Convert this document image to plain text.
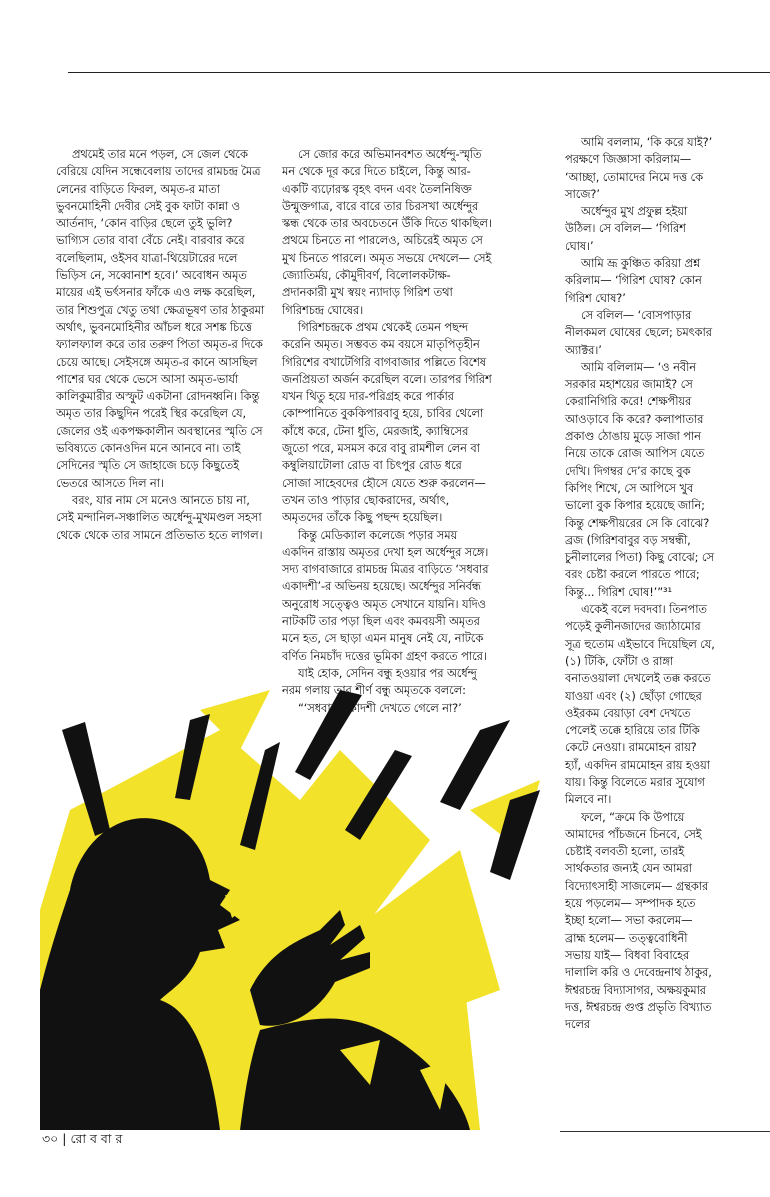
প্রথমেই তার মনে পড়ল, সে জেল থেকে বেরিয়ে যেদিন সন্ধেবেলায় তাদের রামচন্দ্র মৈত্র লেনের বাড়িতে ফিরল, অমৃত-র মাতা ভুবনমোহিনী দেবীর সেই বুক ফাটা কান্না ও আর্তনাদ, ‘কোন বাড়ির ছেলে তুই ভুলি? ভাগ্যিস তোর বাবা বেঁচে নেই। বারবার করে বলেছিলাম, ওইসব যাত্রা-থিয়েটারের দলে ভিড়িস নে, সব্বোনাশ হবে।’ অবোধন অমৃত মায়ের এই ভর্ৎসনার ফাঁকে এও লক্ষ করেছিল, তার শিশুপুত্র খেতু তথা ক্ষেত্রভূষণ তার ঠাকুরমা অর্থাৎ, ভুবনমোহিনীর আঁচল ধরে সশঙ্ক চিত্তে ফ্যালফ্যাল করে তার তরুণ পিতা অমৃত-র দিকে চেয়ে আছে। সেইসঙ্গে অমৃত-র কানে আসছিল পাশের ঘর থেকে ভেসে আসা অমৃত-ভার্যা কালিকুমারীর অস্ফুট একটানা রোদনধ্বনি। কিন্তু অমৃত তার কিছুদিন পরেই স্থির করেছিল যে, জেলের ওই একপক্ষকালীন অবস্থানের স্মৃতি সে ভবিষ্যতে কোনওদিন মনে আনবে না। তাই সেদিনের স্মৃতি সে জাহাজে চড়ে কিছুতেই ভেতরে আসতে দিল না।

বরং, যার নাম সে মনেও আনতে চায় না, সেই মন্দানিল-সঞ্চালিত অর্ধেন্দু-মুখমণ্ডল সহসা থেকে থেকে তার সামনে প্রতিভাত হতে লাগল।

সে জোর করে অভিমানবশত অর্ধেন্দু-স্মৃতি মন থেকে দূর করে দিতে চাইলে, কিন্তু আর-একটি ব্যঢ়োরস্ক বৃহৎ বদন এবং তৈলনিষিক্ত উন্মুক্তগাত্র, বারে বারে তার চিরসখা অর্ধেন্দুর স্কন্ধ থেকে তার অবচেতনে উঁকি দিতে থাকছিল। প্রথমে চিনতে না পারলেও, অচিরেই অমৃত সে মুখ চিনতে পারলে। অমৃত সভয়ে দেখলে— সেই জ্যোতির্ময়, কৌমুদীবর্ণ, বিলোলকটাক্ষ-প্রদানকারী মুখ স্বয়ং ন্যাদাড় গিরিশ তথা গিরিশচন্দ্র ঘোষের।

গিরিশচন্দ্রকে প্রথম থেকেই তেমন পছন্দ করেনি অমৃত। সম্ভবত কম বয়সে মাতৃপিতৃহীন গিরিশের বখাটেগিরি বাগবাজার পল্লিতে বিশেষ জনপ্রিয়তা অর্জন করেছিল বলে। তারপর গিরিশ যখন থিতু হয়ে দার-পরিগ্রহ করে পার্কার কোম্পানিতে বুককিপারবাবু হয়ে, চাবির থেলো কাঁধে করে, টেনা ধুতি, মেরজাই, ক্যাম্বিসের জুতো পরে, মসমস করে বাবু রামশীল লেন বা কম্বুলিয়াটোলা রোড বা চিৎপুর রোড ধরে সোজা সাহেবদের হৌসে যেতে শুরু করলেন— তখন তাও পাড়ার ছোকরাদের, অর্থাৎ, অমৃতদের তাঁকে কিছু পছন্দ হয়েছিল।

কিন্তু মেডিক্যাল কলেজে পড়ার সময় একদিন রাস্তায় অমৃতর দেখা হল অর্ধেন্দুর সঙ্গে। সদ্য বাগবাজারে রামচন্দ্র মিত্রর বাড়িতে ‘সধবার একাদশী’-র অভিনয় হয়েছে। অর্ধেন্দুর সনির্বন্ধ অনুরোধ সত্ত্বেও অমৃত সেখানে যায়নি। যদিও নাটকটি তার পড়া ছিল এবং কমবয়সী অমৃতর মনে হত, সে ছাড়া এমন মানুষ নেই যে, নাটকে বর্ণিত নিমচাঁদ দত্তের ভূমিকা গ্রহণ করতে পারে।

যাই হোক, সেদিন বন্ধু হওয়ার পর অর্ধেন্দু নরম গলায় তার শীর্ণ বন্ধু অমৃতকে বললে:

“‘সধবার একাদশী দেখতে গেলে না?’

আমি বললাম, ‘কি করে যাই?’ পরক্ষণে জিজ্ঞাসা করিলাম— ‘আচ্ছা, তোমাদের নিমে দত্ত কে সাজে?’

অর্ধেন্দুর মুখ প্রফুল্ল হইয়া উঠিল। সে বলিল— ‘গিরিশ ঘোষ।’

আমি ভ্রূ কুঞ্চিত করিয়া প্রশ্ন করিলাম— ‘গিরিশ ঘোষ? কোন গিরিশ ঘোষ?’

সে বলিল— ‘বোসপাড়ার নীলকমল ঘোষের ছেলে; চমৎকার অ্যাক্টর।’

আমি বলিলাম— ‘ও নবীন সরকার মহাশয়ের জামাই? সে কেরানিগিরি করে! শেক্ষপীয়র আওড়াবে কি করে? কলাপাতার প্রকাণ্ড ঠোঙায় মুড়ে সাজা পান নিয়ে তাকে রোজ আপিস যেতে দেখি। দিগম্বর দে’র কাছে বুক কিপিং শিখে, সে আপিসে খুব ভালো বুক কিপার হয়েছে জানি; কিন্তু শেক্ষপীয়রের সে কি বোঝে? ব্রজ (গিরিশবাবুর বড় সম্বন্ধী, চুনীলালের পিতা) কিছু বোঝে; সে বরং চেষ্টা করলে পারতে পারে; কিন্তু... গিরিশ ঘোষ!’”³¹

একেই বলে দবদবা। তিনপাত পড়েই কুলীনজাদের জ্যাঠামোর সূত্র হুতোম এইভাবে দিয়েছিল যে, (১) টিকি, ফোঁটা ও রাঙ্গা বনাতওয়ালা দেখলেই তক্ক করতে যাওয়া এবং (২) ছোঁড়া গোছের ওইরকম বেয়াড়া বেশ দেখতে পেলেই তক্কে হারিয়ে তার টিকি কেটে নেওয়া। রামমোহন রায়? হ্যাঁ, একদিন রামমোহন রায় হওয়া যায়। কিন্তু বিলেতে মরার সুযোগ মিলবে না।

ফলে, “ক্রমে কি উপায়ে আমাদের পাঁচজনে চিনবে, সেই চেষ্টাই বলবতী হলো, তারই সার্থকতার জন্যই যেন আমরা বিদ্যোৎসাহী সাজলেম— গ্রন্থকার হয়ে পড়লেম— সম্পাদক হতে ইচ্ছা হলো— সভা করলেম— ব্রাহ্ম হলেম— তত্ত্ববোধিনী সভায় যাই— বিধবা বিবাহের দালালি করি ও দেবেন্দ্রনাথ ঠাকুর, ঈশ্বরচন্দ্র বিদ্যাসাগর, অক্ষয়কুমার দত্ত, ঈশ্বরচন্দ্র গুপ্ত প্রভৃতি বিখ্যাত দলের

৩০ | রো ব বা র
